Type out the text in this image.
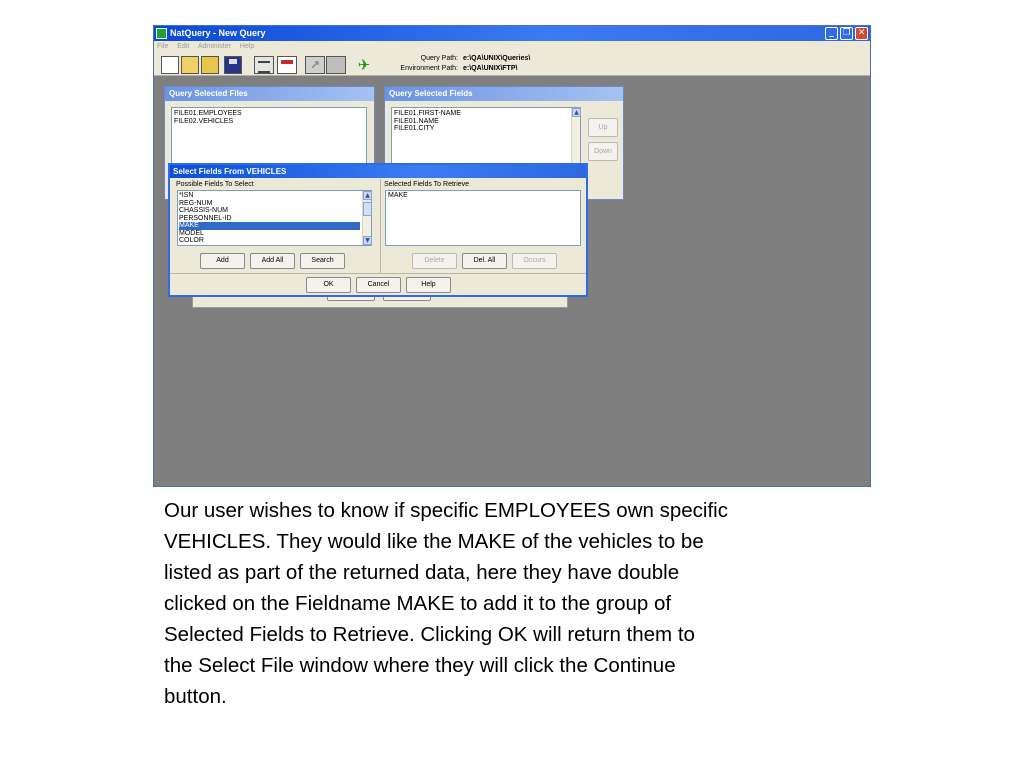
NatQuery - New Query	_ ❐ ✕
File Edit Administer Help
↗	✈	Query Path:
Environment Path:
e:\QA\UNIX\Queries\
e:\QA\UNIX\FTP\
Query Selected Files
FILE01.EMPLOYEES
FILE02.VEHICLES
Query Selected Fields
FILE01.FIRST-NAME
FILE01.NAME
FILE01.CITY
▲
Up
Down
Select Fields From VEHICLES
Possible Fields To Select	Selected Fields To Retrieve
*ISN
REG-NUM
CHASSIS-NUM
PERSONNEL-ID
MAKE
MODEL
COLOR
▲
▼
MAKE
Add	Add All	Search	Delete	Del. All	Occurs
OK	Cancel	Help
Our user wishes to know if specific EMPLOYEES own specific
VEHICLES. They would like the MAKE of the vehicles to be
listed as part of the returned data, here they have double
clicked on the Fieldname MAKE to add it to the group of
Selected Fields to Retrieve. Clicking OK will return them to
the Select File window where they will click the Continue
button.
